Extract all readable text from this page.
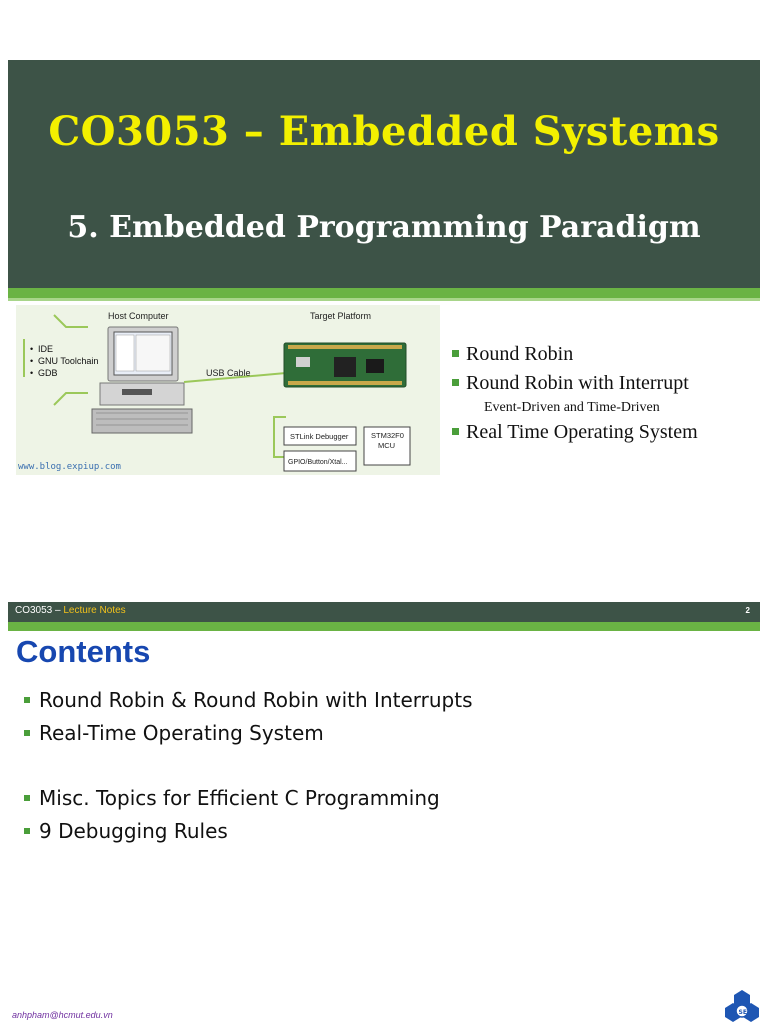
CO3053 – Embedded Systems
5. Embedded Programming Paradigm
• IDE
• GNU Toolchain
• GDB
Host Computer
USB Cable
Target Platform
STLink Debugger	STM32F0
MCU
GPIO/Button/Xtal...
www.blog.expiup.com
Round Robin
Round Robin with Interrupt
Event-Driven and Time-Driven
Real Time Operating System
CO3053 – Lecture Notes	2
Contents
Round Robin & Round Robin with Interrupts
Real-Time Operating System
Misc. Topics for Efficient C Programming
9 Debugging Rules
anhpham@hcmut.edu.vn	SE
